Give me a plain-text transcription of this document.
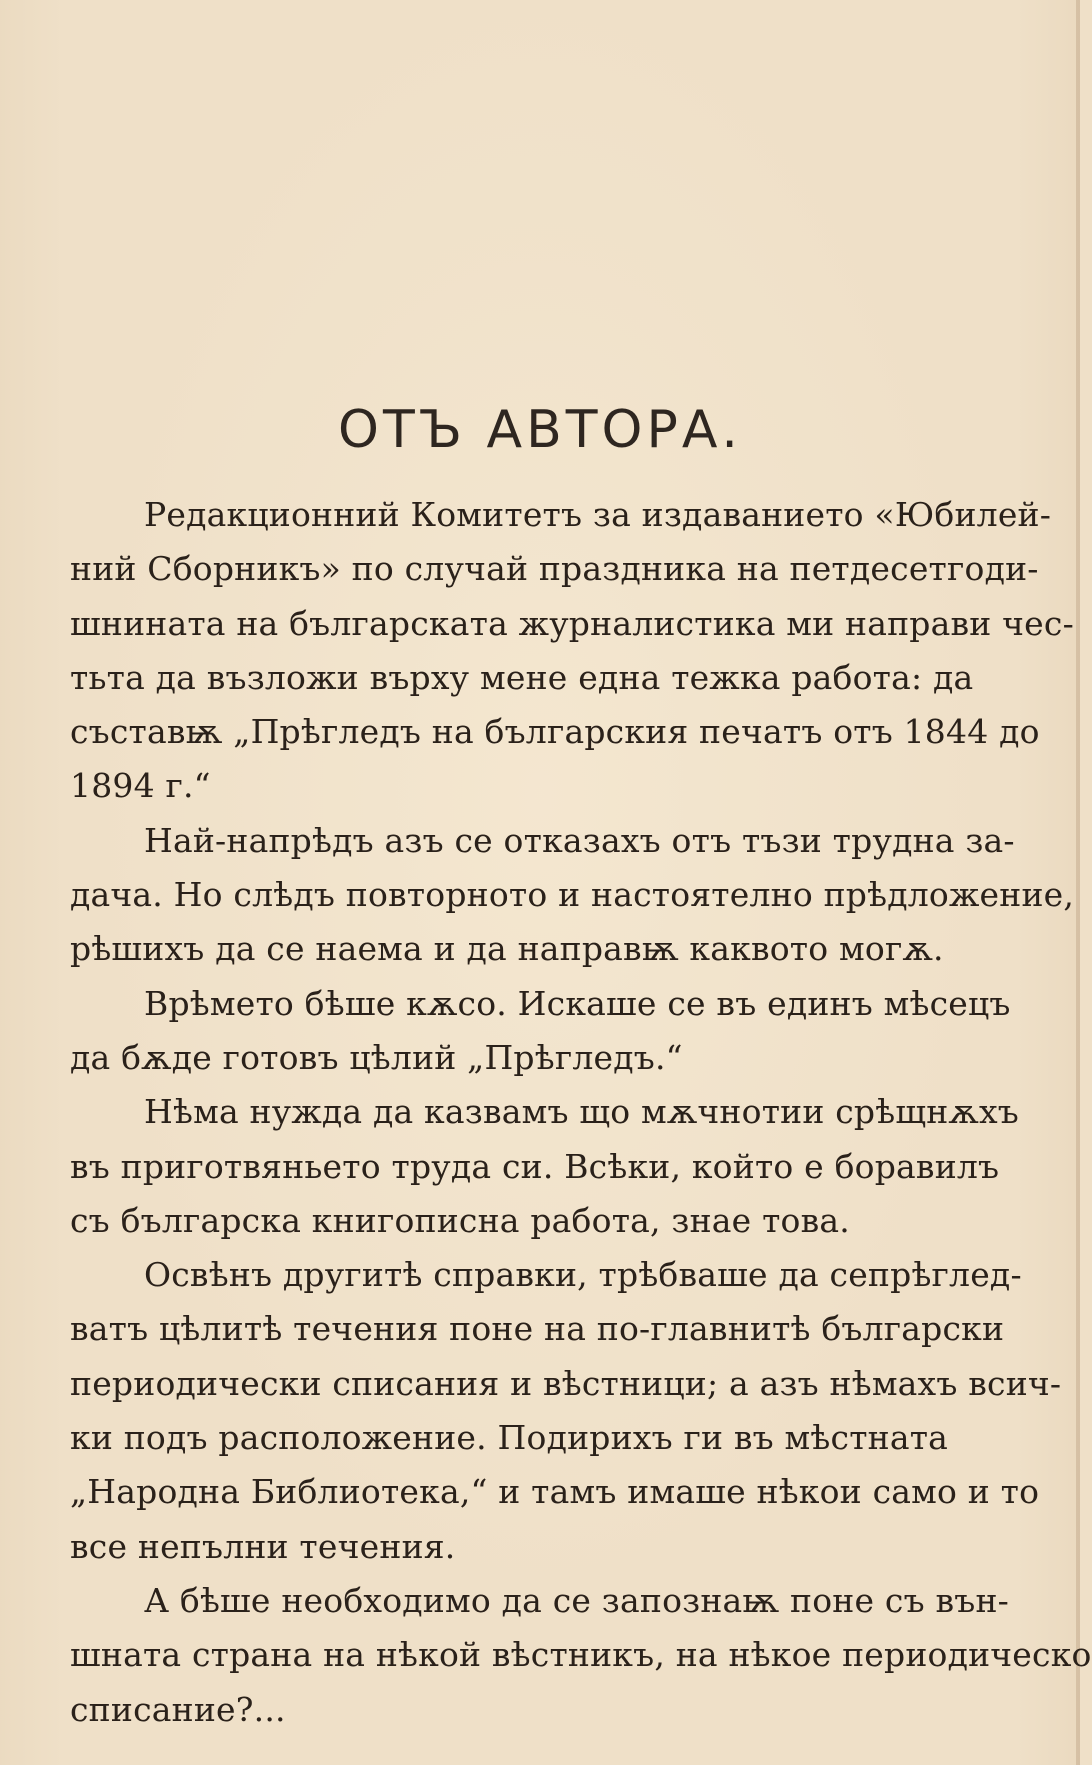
ОТЪ АВТОРА.
Редакционний Комитетъ за издаванието «Юбилей-
ний Сборникъ» по случай праздника на петдесетгоди-
шнината на българската журналистика ми направи чес-
тьта да възложи върху мене една тежка работа: да
съставѭ „Прѣгледъ на българския печатъ отъ 1844 до
1894 г.“
Най-напрѣдъ азъ се отказахъ отъ тъзи трудна за-
дача. Но слѣдъ повторното и настоятелно прѣдложение,
рѣшихъ да се наема и да направѭ каквото могѫ.
Врѣмето бѣше кѫсо. Искаше се въ единъ мѣсецъ
да бѫде готовъ цѣлий „Прѣгледъ.“
Нѣма нужда да казвамъ що мѫчнотии срѣщнѫхъ
въ приготвяньето труда си. Всѣки, който е боравилъ
съ българска книгописна работа, знае това.
Освѣнъ другитѣ справки, трѣбваше да сепрѣглед-
ватъ цѣлитѣ течения поне на по-главнитѣ български
периодически списания и вѣстници; а азъ нѣмахъ всич-
ки подъ расположение. Подирихъ ги въ мѣстната
„Народна Библиотека,“ и тамъ имаше нѣкои само и то
все непълни течения.
А бѣше необходимо да се запознаѭ поне съ вън-
шната страна на нѣкой вѣстникъ, на нѣкое периодическо
списание?...
